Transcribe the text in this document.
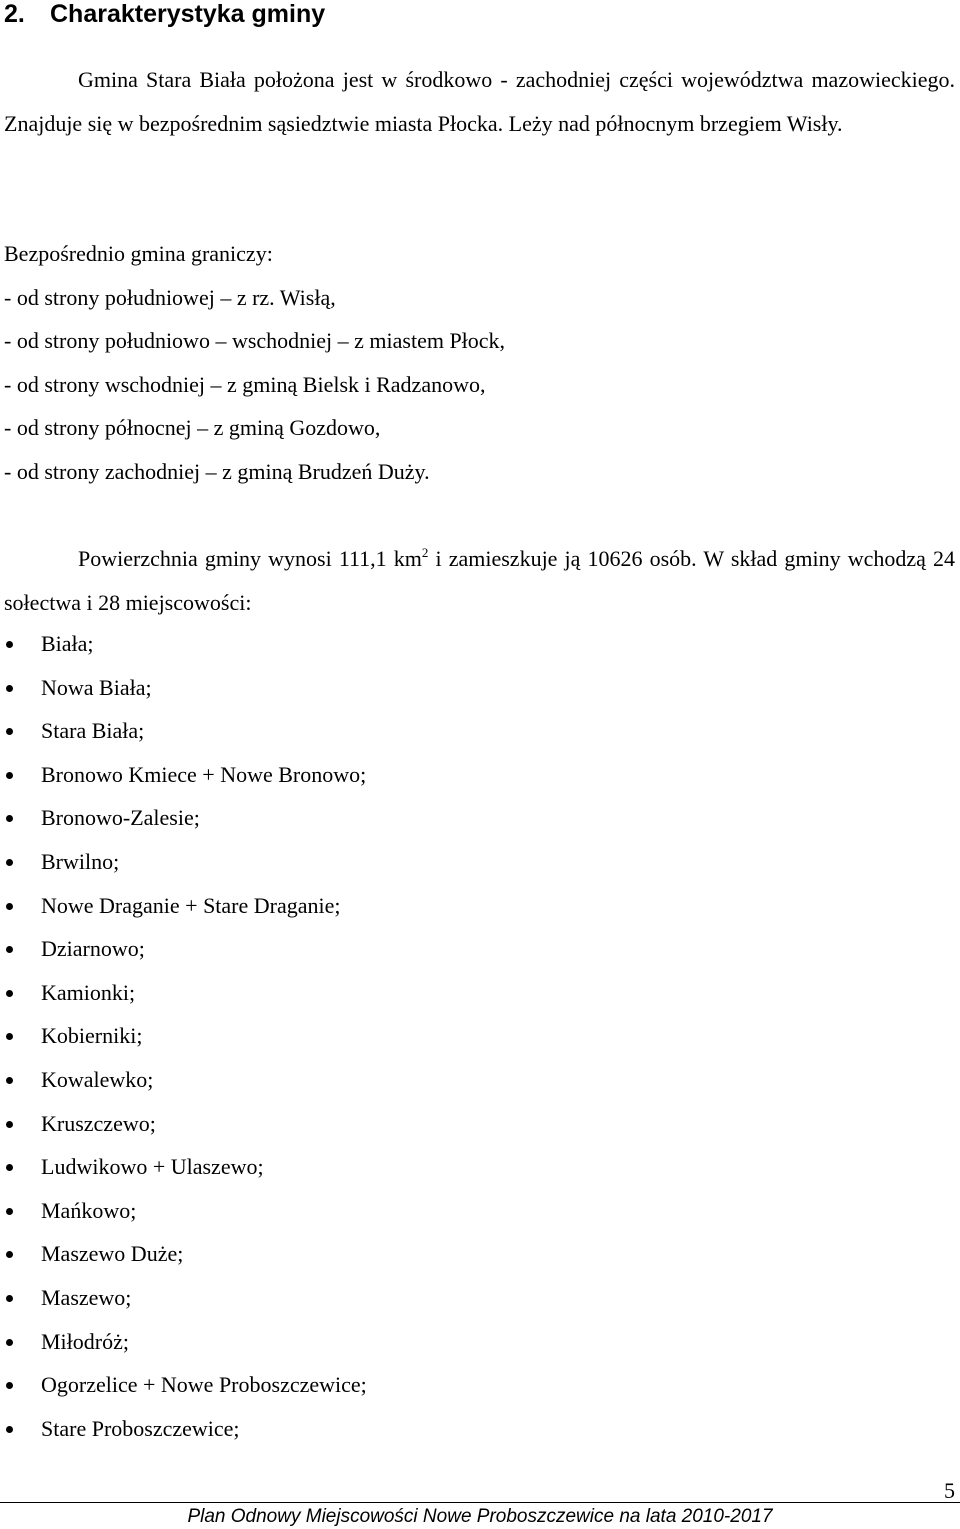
2. Charakterystyka gminy

Gmina Stara Biała położona jest w środkowo - zachodniej części województwa mazowieckiego. Znajduje się w bezpośrednim sąsiedztwie miasta Płocka. Leży nad północnym brzegiem Wisły.

Bezpośrednio gmina graniczy:

- od strony południowej – z rz. Wisłą,

- od strony południowo – wschodniej – z miastem Płock,

- od strony wschodniej – z gminą Bielsk i Radzanowo,

- od strony północnej – z gminą Gozdowo,

- od strony zachodniej – z gminą Brudzeń Duży.

Powierzchnia gminy wynosi 111,1 $km^2$ i zamieszkuje ją 10626 osób. W skład gminy wchodzą 24 sołectwa i 28 miejscowości:

Biała;
Nowa Biała;
Stara Biała;
Bronowo Kmiece + Nowe Bronowo;
Bronowo-Zalesie;
Brwilno;
Nowe Draganie + Stare Draganie;
Dziarnowo;
Kamionki;
Kobierniki;
Kowalewko;
Kruszczewo;
Ludwikowo + Ulaszewo;
Mańkowo;
Maszewo Duże;
Maszewo;
Miłodróż;
Ogorzelice + Nowe Proboszczewice;
Stare Proboszczewice;
5
Plan Odnowy Miejscowości Nowe Proboszczewice na lata 2010-2017
